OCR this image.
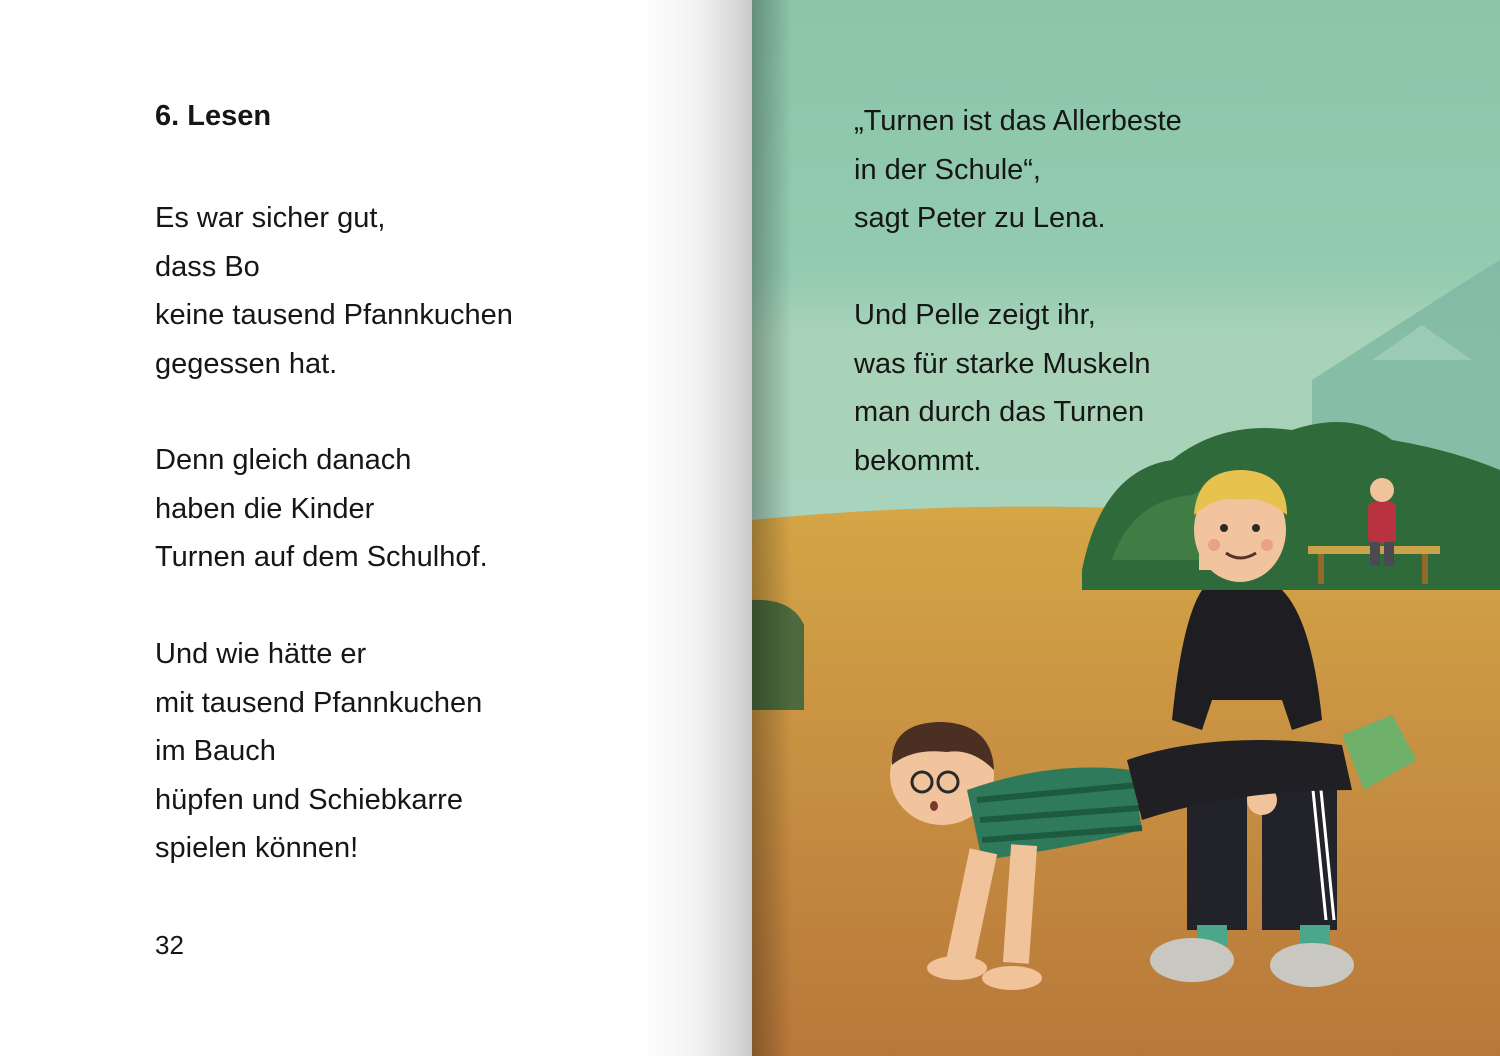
6. Lesen
Es war sicher gut,
dass Bo
keine tausend Pfannkuchen
gegessen hat.
Denn gleich danach
haben die Kinder
Turnen auf dem Schulhof.
Und wie hätte er
mit tausend Pfannkuchen
im Bauch
hüpfen und Schiebkarre
spielen können!
32
„Turnen ist das Allerbeste
in der Schule“,
sagt Peter zu Lena.
Und Pelle zeigt ihr,
was für starke Muskeln
man durch das Turnen
bekommt.
